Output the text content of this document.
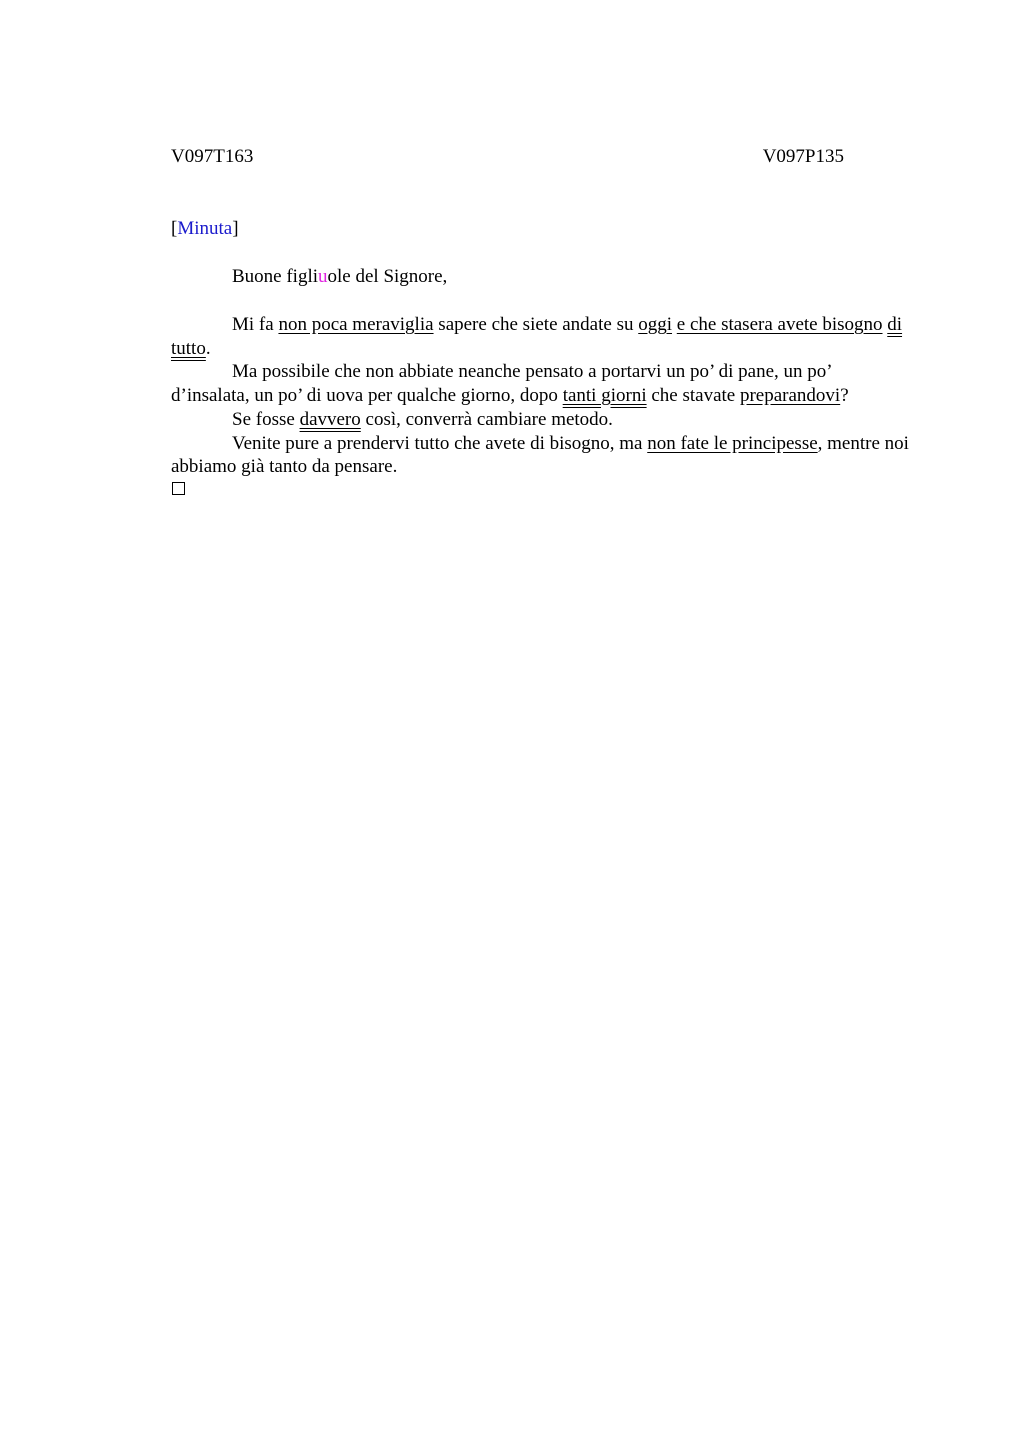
V097T163	V097P135
[Minuta]
Buone figliuole del Signore,

Mi fa non poca meraviglia sapere che siete andate su oggi e che stasera avete bisogno di tutto.

Ma possibile che non abbiate neanche pensato a portarvi un po’ di pane, un po’ d’insalata, un po’ di uova per qualche giorno, dopo tanti giorni che stavate preparandovi?

Se fosse davvero così, converrà cambiare metodo.

Venite pure a prendervi tutto che avete di bisogno, ma non fate le principesse, mentre noi abbiamo già tanto da pensare.
